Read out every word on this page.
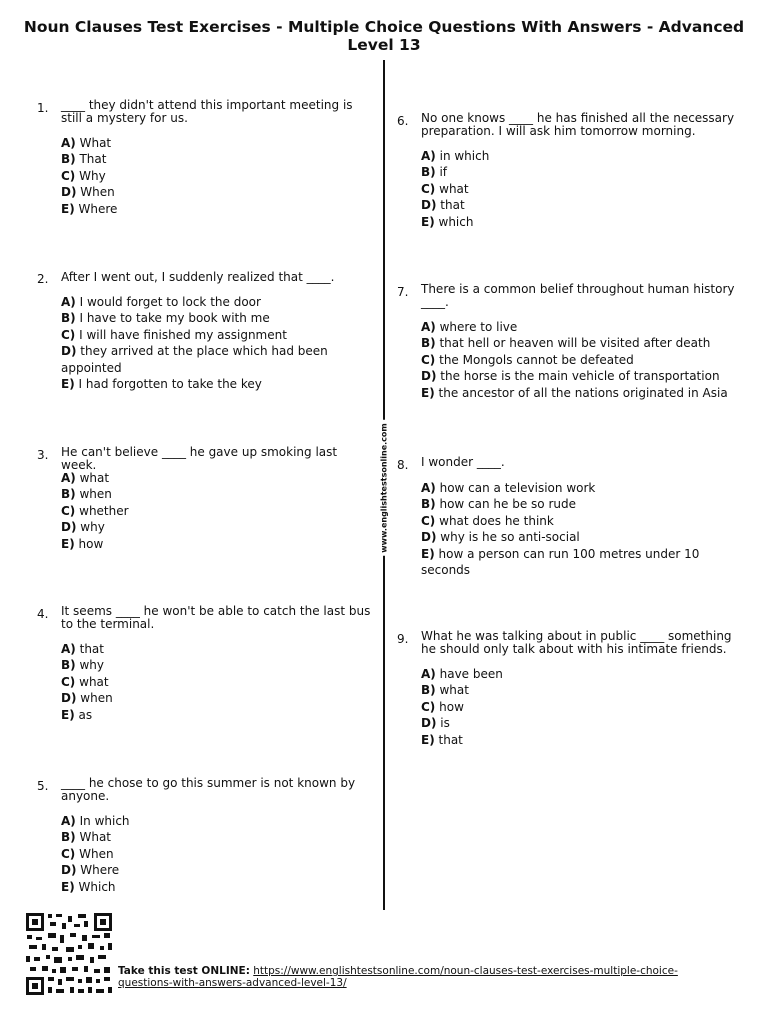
Noun Clauses Test Exercises - Multiple Choice Questions With Answers - Advanced Level 13
www.englishtestsonline.com
1. ____ they didn't attend this important meeting is still a mystery for us.
A) What
B) That
C) Why
D) When
E) Where
2. After I went out, I suddenly realized that ____.
A) I would forget to lock the door
B) I have to take my book with me
C) I will have finished my assignment
D) they arrived at the place which had been appointed
E) I had forgotten to take the key
3. He can't believe ____ he gave up smoking last week.
A) what
B) when
C) whether
D) why
E) how
4. It seems ____ he won't be able to catch the last bus to the terminal.
A) that
B) why
C) what
D) when
E) as
5. ____ he chose to go this summer is not known by anyone.
A) In which
B) What
C) When
D) Where
E) Which
6. No one knows ____ he has finished all the necessary preparation. I will ask him tomorrow morning.
A) in which
B) if
C) what
D) that
E) which
7. There is a common belief throughout human history ____.
A) where to live
B) that hell or heaven will be visited after death
C) the Mongols cannot be defeated
D) the horse is the main vehicle of transportation
E) the ancestor of all the nations originated in Asia
8. I wonder ____.
A) how can a television work
B) how can he be so rude
C) what does he think
D) why is he so anti-social
E) how a person can run 100 metres under 10 seconds
9. What he was talking about in public ____ something he should only talk about with his intimate friends.
A) have been
B) what
C) how
D) is
E) that
Take this test ONLINE: https://www.englishtestsonline.com/noun-clauses-test-exercises-multiple-choice-questions-with-answers-advanced-level-13/
